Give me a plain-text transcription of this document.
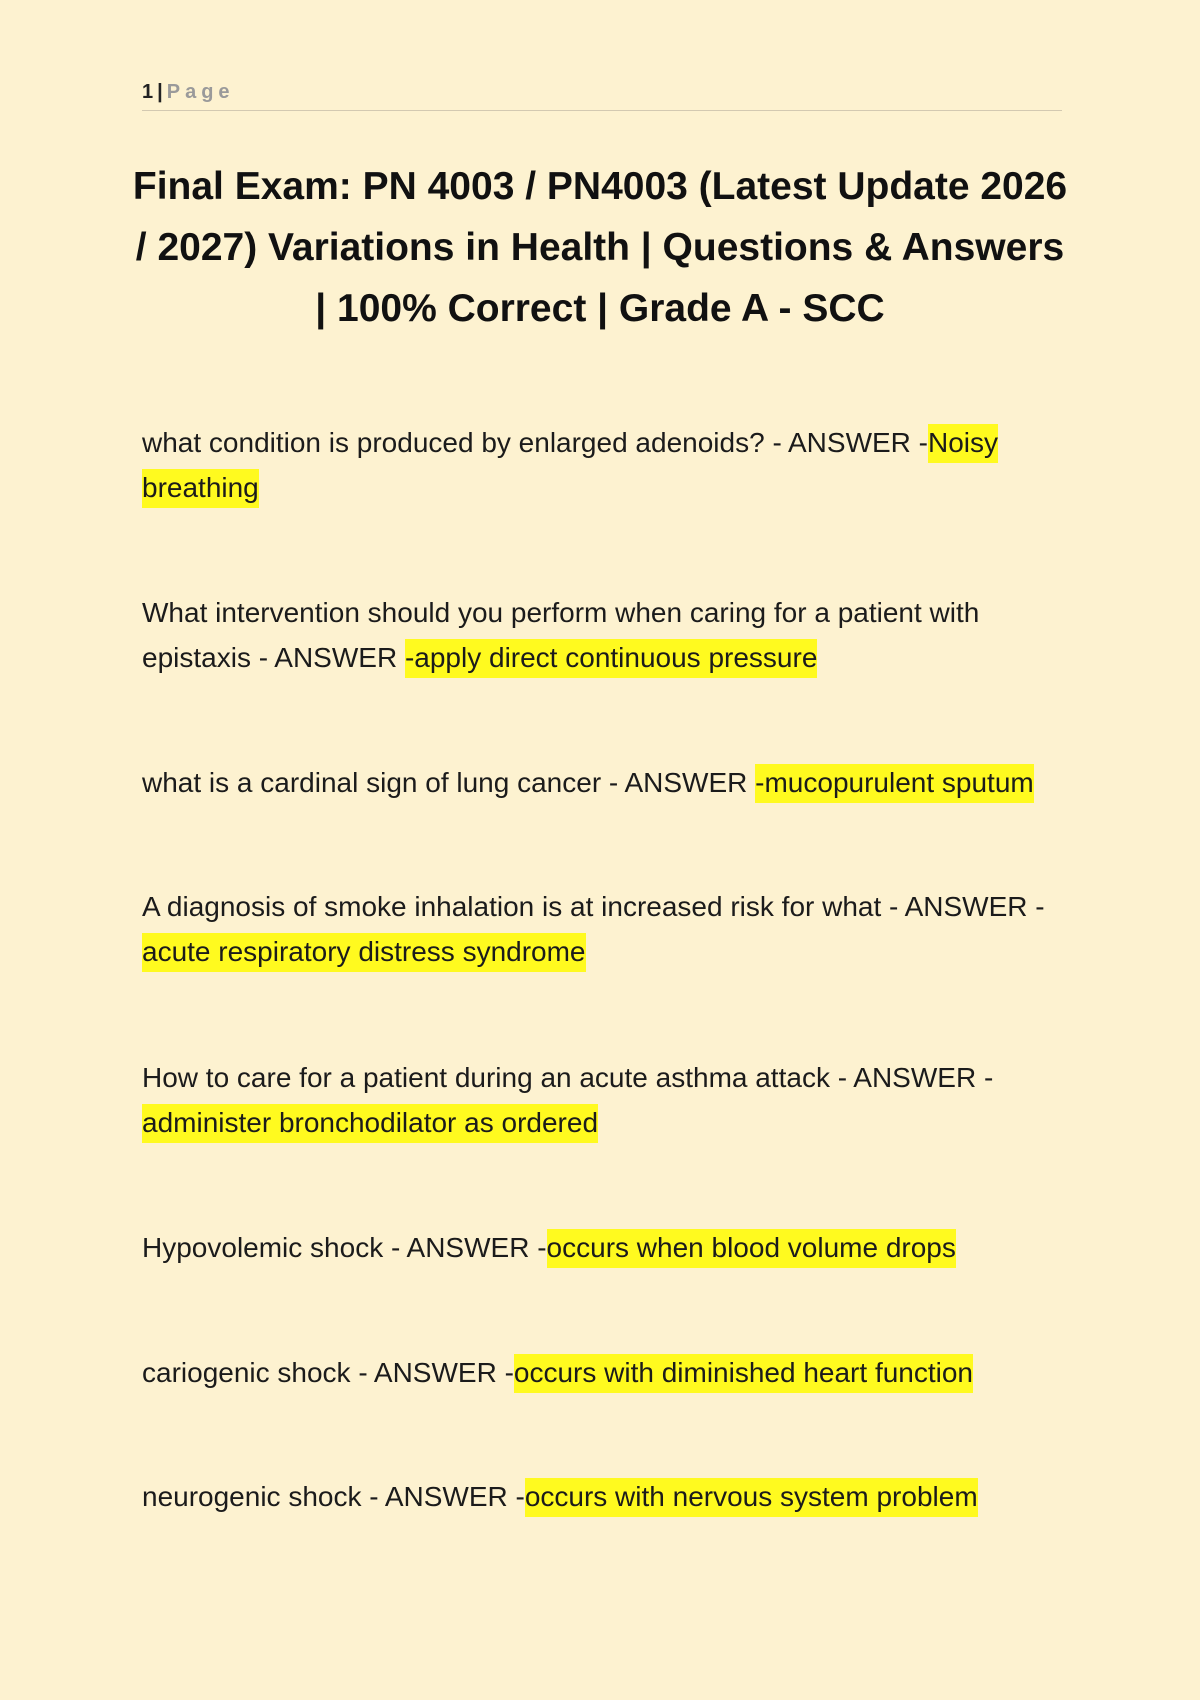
1 | Page
Final Exam: PN 4003 / PN4003 (Latest Update 2026 / 2027) Variations in Health | Questions & Answers | 100% Correct | Grade A - SCC

what condition is produced by enlarged adenoids? - ANSWER -Noisy breathing

What intervention should you perform when caring for a patient with epistaxis - ANSWER -apply direct continuous pressure

what is a cardinal sign of lung cancer - ANSWER -mucopurulent sputum

A diagnosis of smoke inhalation is at increased risk for what - ANSWER - acute respiratory distress syndrome

How to care for a patient during an acute asthma attack - ANSWER - administer bronchodilator as ordered

Hypovolemic shock - ANSWER -occurs when blood volume drops

cariogenic shock - ANSWER -occurs with diminished heart function

neurogenic shock - ANSWER -occurs with nervous system problem
